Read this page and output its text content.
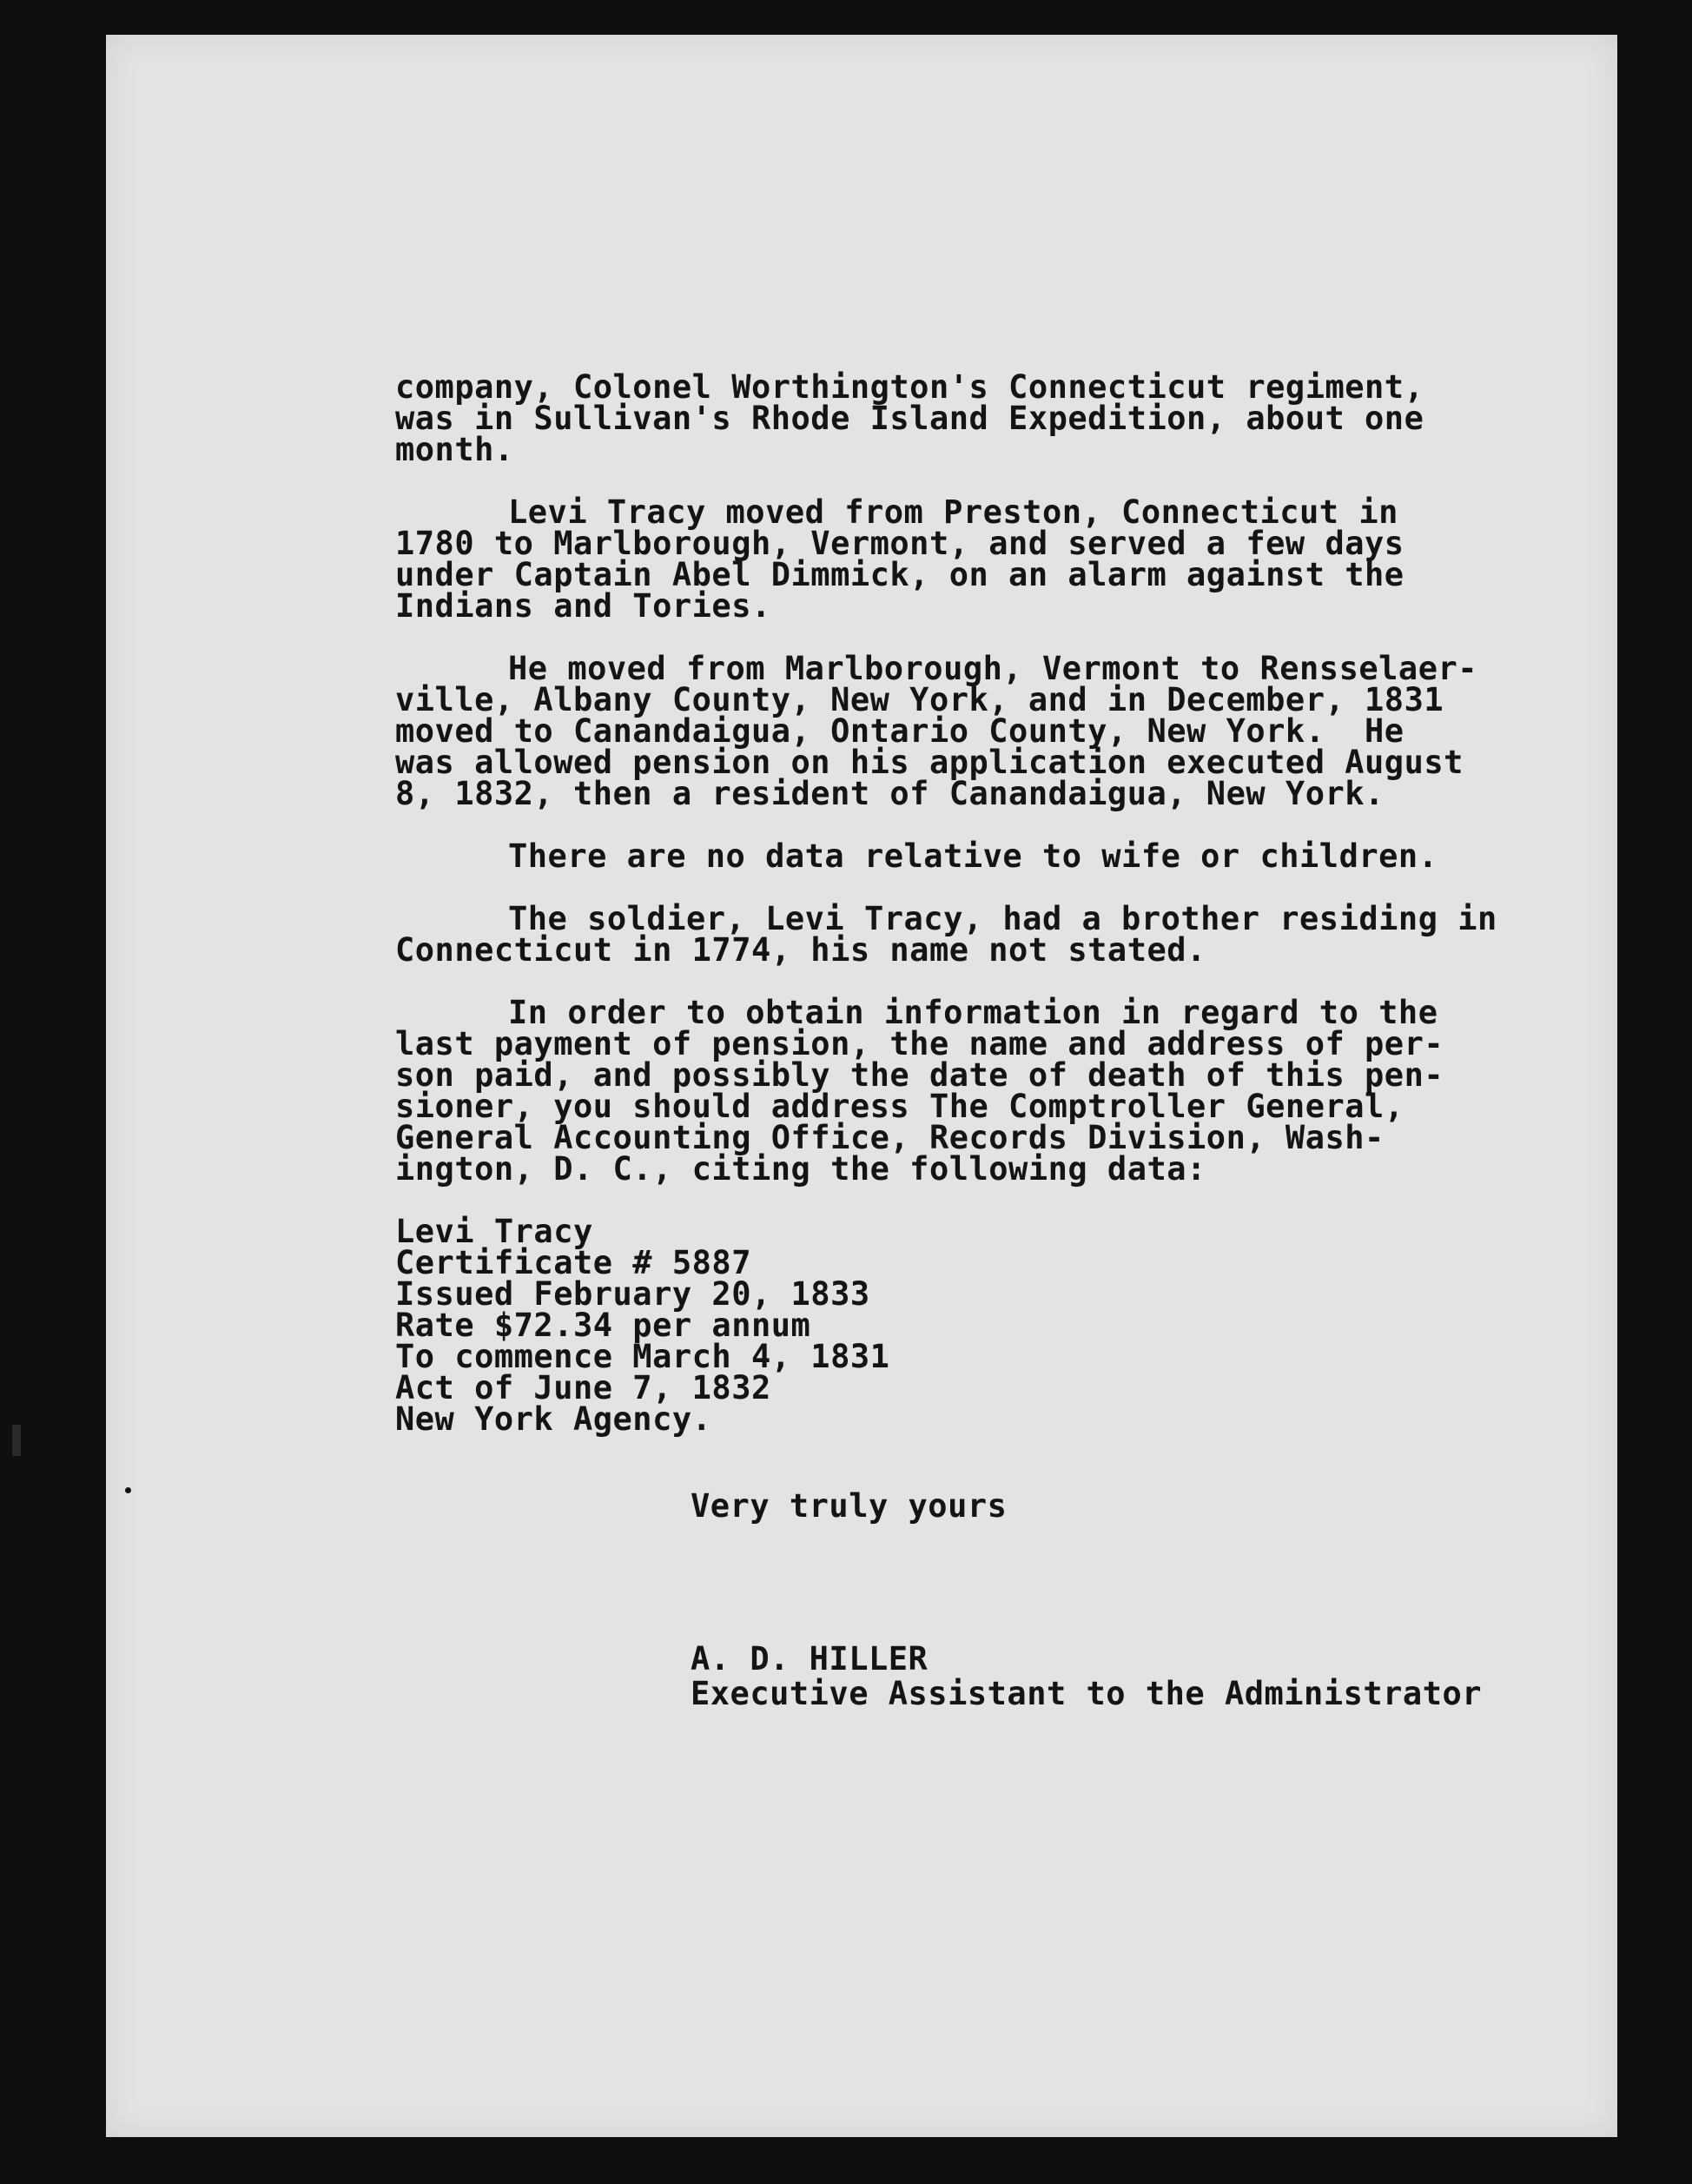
company, Colonel Worthington's Connecticut regiment,
was in Sullivan's Rhode Island Expedition, about one
month.
Levi Tracy moved from Preston, Connecticut in
1780 to Marlborough, Vermont, and served a few days
under Captain Abel Dimmick, on an alarm against the
Indians and Tories.
He moved from Marlborough, Vermont to Rensselaer-
ville, Albany County, New York, and in December, 1831
moved to Canandaigua, Ontario County, New York.  He
was allowed pension on his application executed August
8, 1832, then a resident of Canandaigua, New York.
There are no data relative to wife or children.
The soldier, Levi Tracy, had a brother residing in
Connecticut in 1774, his name not stated.
In order to obtain information in regard to the
last payment of pension, the name and address of per-
son paid, and possibly the date of death of this pen-
sioner, you should address The Comptroller General,
General Accounting Office, Records Division, Wash-
ington, D. C., citing the following data:
Levi Tracy
Certificate # 5887
Issued February 20, 1833
Rate $72.34 per annum
To commence March 4, 1831
Act of June 7, 1832
New York Agency.
Very truly yours
A. D. HILLER
Executive Assistant to the Administrator
